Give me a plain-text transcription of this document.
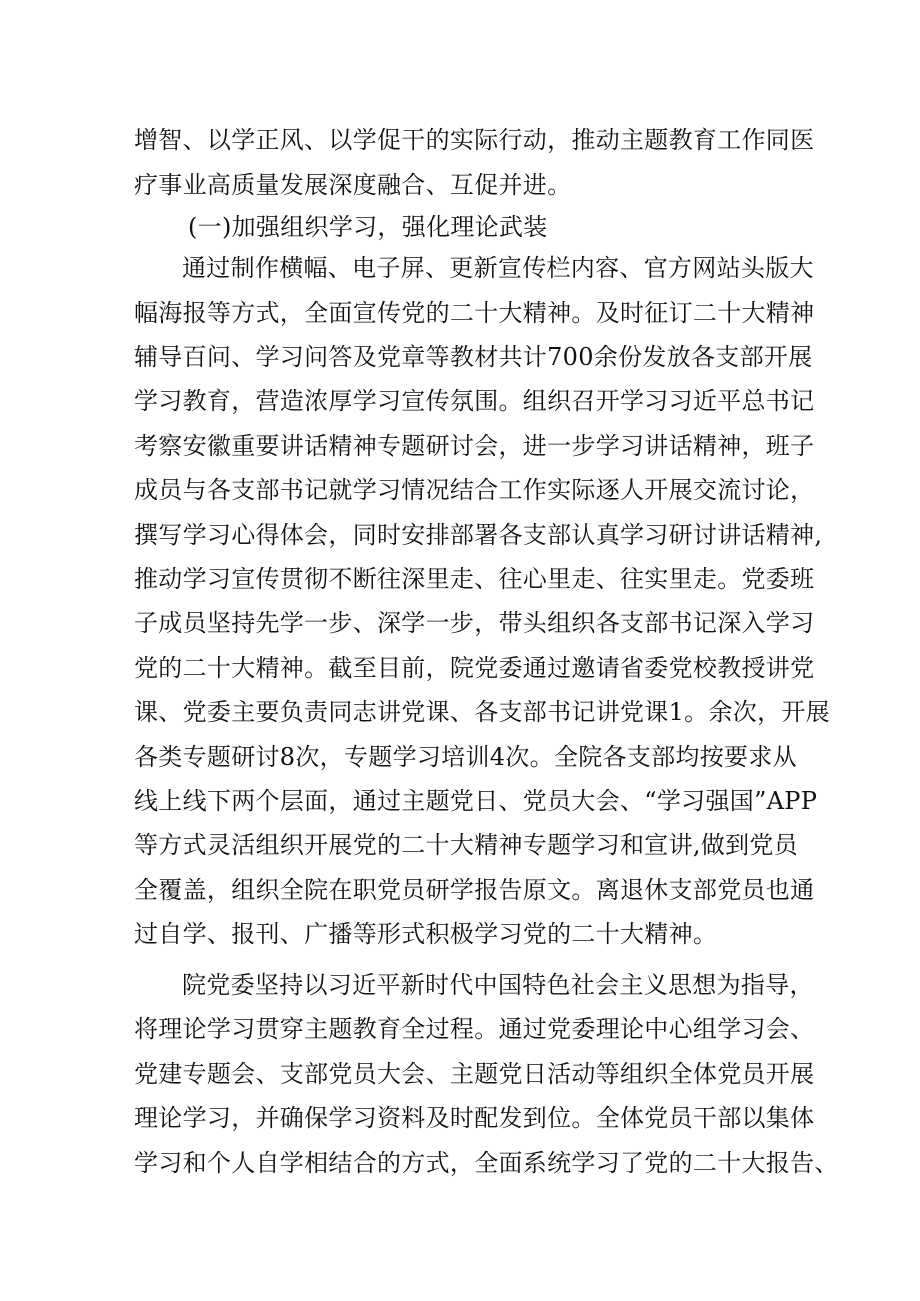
增智、以学正风、以学促干的实际行动，推动主题教育工作同医
疗事业高质量发展深度融合、互促并进。
(一)加强组织学习，强化理论武装
通过制作横幅、电子屏、更新宣传栏内容、官方网站头版大
幅海报等方式，全面宣传党的二十大精神。及时征订二十大精神
辅导百问、学习问答及党章等教材共计700余份发放各支部开展
学习教育，营造浓厚学习宣传氛围。组织召开学习习近平总书记
考察安徽重要讲话精神专题研讨会，进一步学习讲话精神，班子
成员与各支部书记就学习情况结合工作实际逐人开展交流讨论，
撰写学习心得体会，同时安排部署各支部认真学习研讨讲话精神,
推动学习宣传贯彻不断往深里走、往心里走、往实里走。党委班
子成员坚持先学一步、深学一步，带头组织各支部书记深入学习
党的二十大精神。截至目前，院党委通过邀请省委党校教授讲党
课、党委主要负责同志讲党课、各支部书记讲党课1。余次，开展
各类专题研讨8次，专题学习培训4次。全院各支部均按要求从
线上线下两个层面，通过主题党日、党员大会、“学习强国”APP
等方式灵活组织开展党的二十大精神专题学习和宣讲,做到党员
全覆盖，组织全院在职党员研学报告原文。离退休支部党员也通
过自学、报刊、广播等形式积极学习党的二十大精神。
院党委坚持以习近平新时代中国特色社会主义思想为指导，
将理论学习贯穿主题教育全过程。通过党委理论中心组学习会、
党建专题会、支部党员大会、主题党日活动等组织全体党员开展
理论学习，并确保学习资料及时配发到位。全体党员干部以集体
学习和个人自学相结合的方式，全面系统学习了党的二十大报告、
